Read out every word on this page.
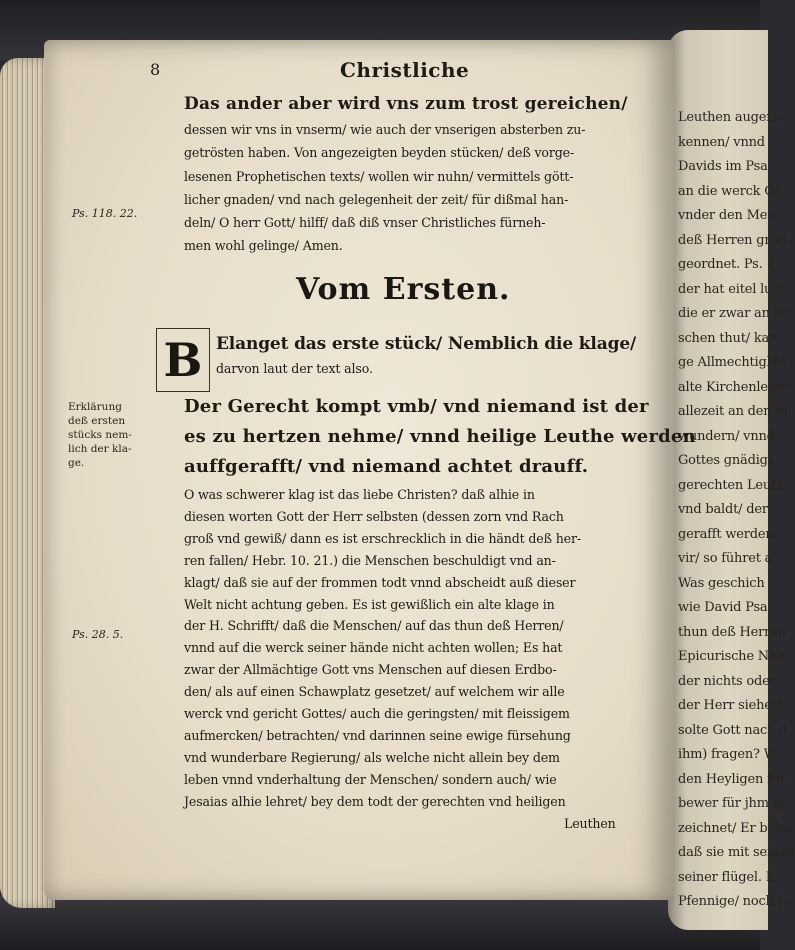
Leuthen augens
kennen/ vnnd
Davids im Psa
an die werck Go
vnder den Men
deß Herren groß
geordnet. Ps. 1
der hat eitel lust
die er zwar an all
schen thut/ kan
ge Allmechtigkei
alte Kirchenlehre
allezeit an den m
wundern/ vnnd
Gottes gnädige
gerechten Leuth
vnd baldt/ der
gerafft werden/
vir/ so führet a
Was geschich
wie David Psa
thun deß Herren
Epicurische Nab
der nichts oder
der Herr siehets
solte Gott nach d
ihm) fragen? W
den Heyligen für
bewer für jhm ge
zeichnet/ Er behü
daß sie mit seinen
seiner flügel. K
Pfennige/ noch fe
8	Christliche
Das ander aber wird vns zum trost gereichen/
dessen wir vns in vnserm/ wie auch der vnserigen absterben zu-
getrösten haben. Von angezeigten beyden stücken/ deß vorge-
lesenen Prophetischen texts/ wollen wir nuhn/ vermittels gött-
licher gnaden/ vnd nach gelegenheit der zeit/ für dißmal han-
deln/ O herr Gott/ hilff/ daß diß vnser Christliches fürneh-
men wohl gelinge/ Amen.
Ps. 118. 22.
Vom Ersten.
B Elanget das erste stück/ Nemblich die klage/
darvon laut der text also.
Erklärung
deß ersten
stücks nem-
lich der kla-
ge.
Der Gerecht kompt vmb/ vnd niemand ist der
es zu hertzen nehme/ vnnd heilige Leuthe werden
auffgerafft/ vnd niemand achtet drauff.
Ps. 28. 5.
O was schwerer klag ist das liebe Christen? daß alhie in
diesen worten Gott der Herr selbsten (dessen zorn vnd Rach
groß vnd gewiß/ dann es ist erschrecklich in die händt deß her-
ren fallen/ Hebr. 10. 21.) die Menschen beschuldigt vnd an-
klagt/ daß sie auf der frommen todt vnnd abscheidt auß dieser
Welt nicht achtung geben. Es ist gewißlich ein alte klage in
der H. Schrifft/ daß die Menschen/ auf das thun deß Herren/
vnnd auf die werck seiner hände nicht achten wollen; Es hat
zwar der Allmächtige Gott vns Menschen auf diesen Erdbo-
den/ als auf einen Schawplatz gesetzet/ auf welchem wir alle
werck vnd gericht Gottes/ auch die geringsten/ mit fleissigem
aufmercken/ betrachten/ vnd darinnen seine ewige fürsehung
vnd wunderbare Regierung/ als welche nicht allein bey dem
leben vnnd vnderhaltung der Menschen/ sondern auch/ wie
Jesaias alhie lehret/ bey dem todt der gerechten vnd heiligen
Leuthen
